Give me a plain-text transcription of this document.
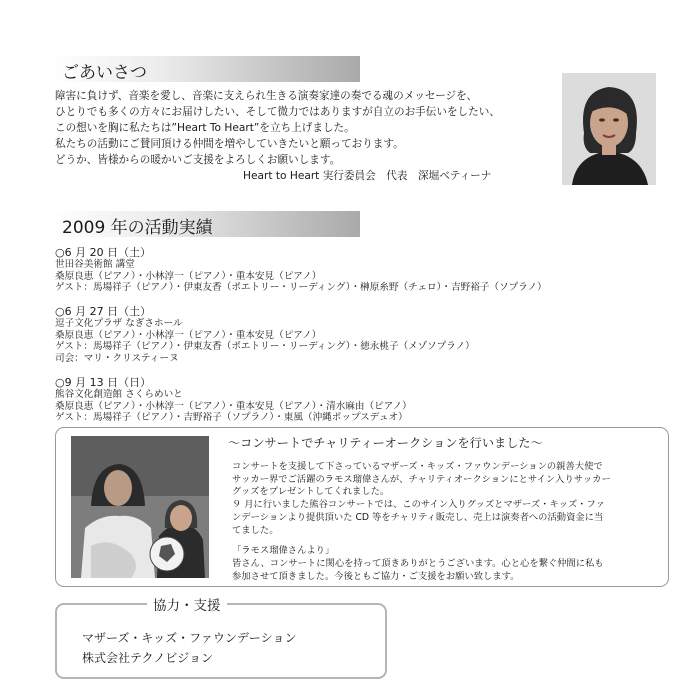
ごあいさつ

障害に負けず、音楽を愛し、音楽に支えられ生きる演奏家達の奏でる魂のメッセージを、

ひとりでも多くの方々にお届けしたい、そして微力ではありますが自立のお手伝いをしたい、

この想いを胸に私たちは”Heart To Heart”を立ち上げました。

私たちの活動にご賛同頂ける仲間を増やしていきたいと願っております。

どうか、皆様からの暖かいご支援をよろしくお願いします。

Heart to Heart 実行委員会　代表　深堀ベティーナ
2009 年の活動実績
○6 月 20 日（土）
世田谷美術館 講堂
桑原良恵（ピアノ）・小林淳一（ピアノ）・重本安見（ピアノ）
ゲスト：馬場祥子（ピアノ）・伊東友香（ポエトリー・リーディング）・榊原糸野（チェロ）・吉野裕子（ソプラノ）
○6 月 27 日（土）
逗子文化プラザ なぎさホール
桑原良恵（ピアノ）・小林淳一（ピアノ）・重本安見（ピアノ）
ゲスト：馬場祥子（ピアノ）・伊東友香（ポエトリー・リーディング）・徳永桃子（メゾソプラノ）
司会：マリ・クリスティーヌ
○9 月 13 日（日）
熊谷文化創造館 さくらめいと
桑原良恵（ピアノ）・小林淳一（ピアノ）・重本安見（ピアノ）・清水麻由（ピアノ）
ゲスト：馬場祥子（ピアノ）・吉野裕子（ソプラノ）・東風（沖縄ポップスデュオ）
～コンサートでチャリティーオークションを行いました～

コンサートを支援して下さっているマザーズ・キッズ・ファウンデーションの親善大使で

サッカー界でご活躍のラモス瑠偉さんが、チャリティオークションにとサイン入りサッカー

グッズをプレゼントしてくれました。

９ 月に行いました熊谷コンサートでは、このサイン入りグッズとマザーズ・キッズ・ファ

ンデーションより提供頂いた CD 等をチャリティ販売し、売上は演奏者への活動資金に当

てました。

「ラモス瑠偉さんより」

皆さん、コンサートに関心を持って頂きありがとうございます。心と心を繋ぐ仲間に私も

参加させて頂きました。今後ともご協力・ご支援をお願い致します。

協力・支援

マザーズ・キッズ・ファウンデーション

株式会社テクノビジョン
